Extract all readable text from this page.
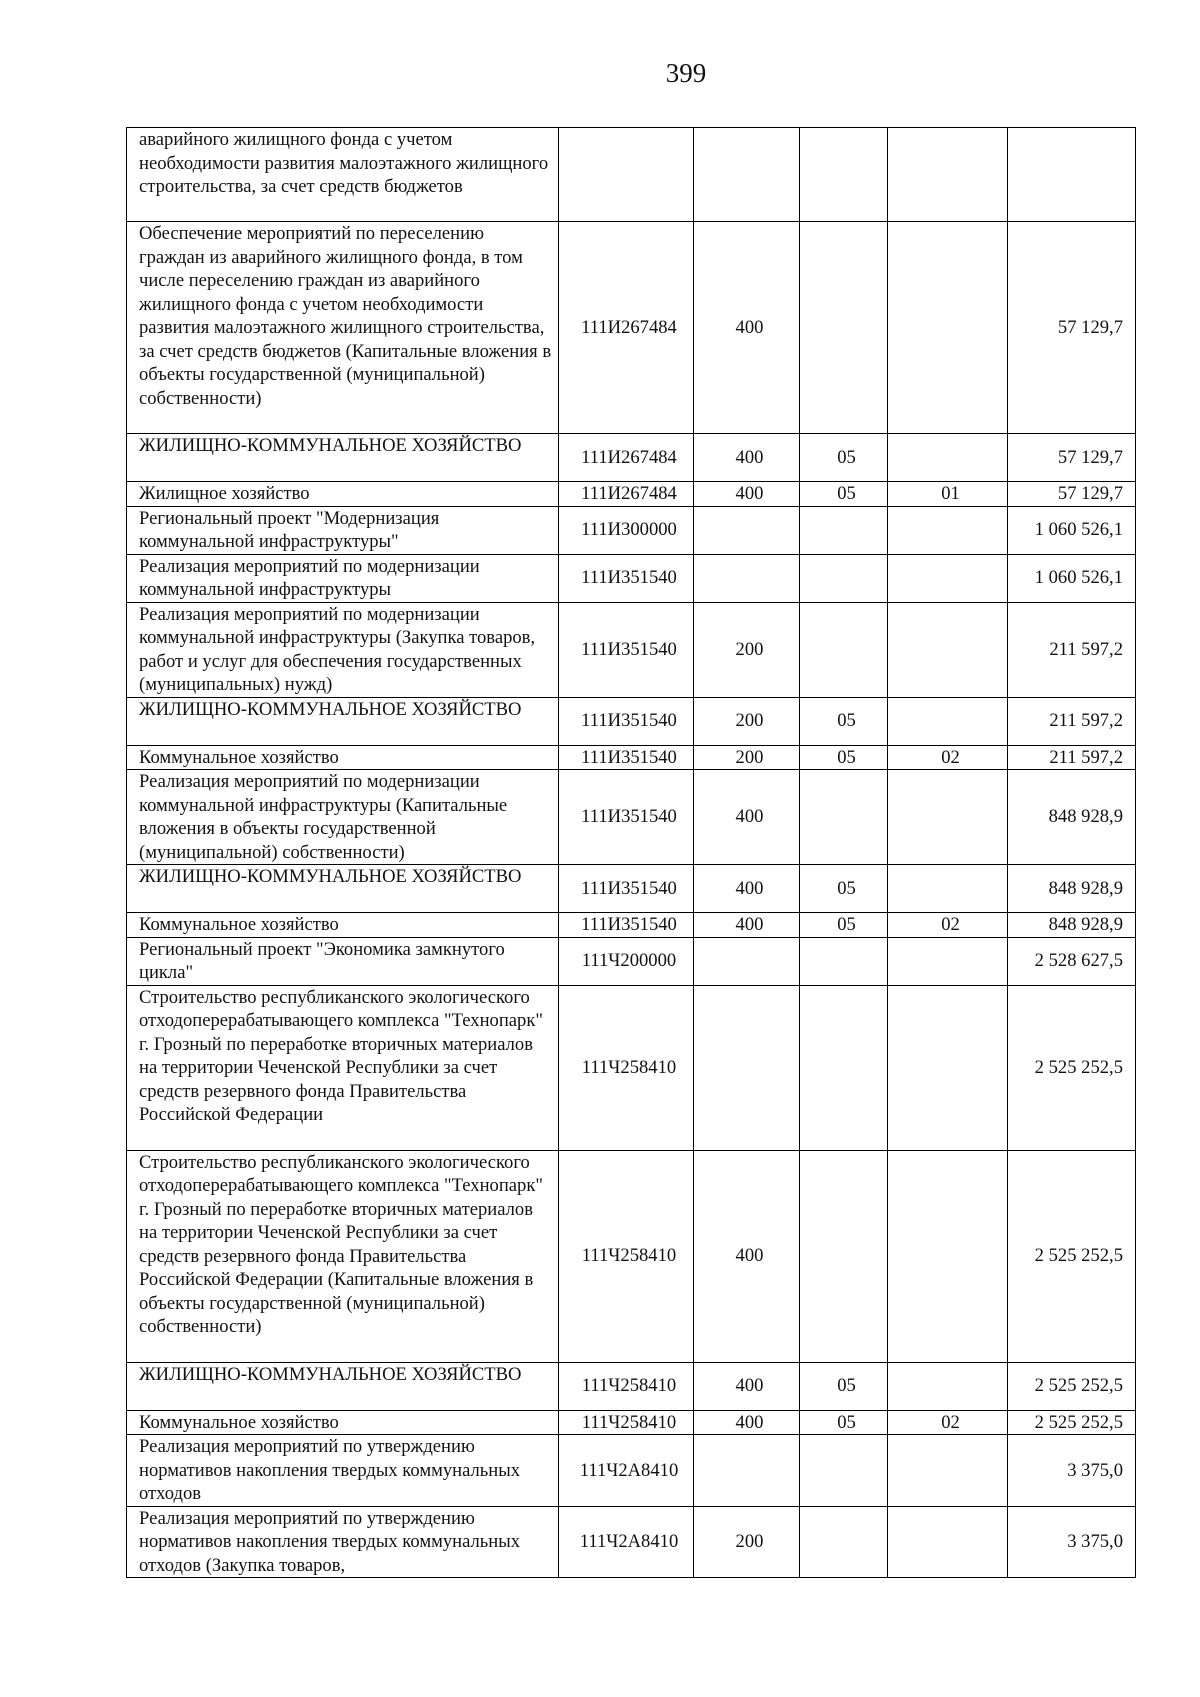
399
аварийного жилищного фонда с учетом необходимости развития малоэтажного жилищного строительства, за счет средств бюджетов					
Обеспечение мероприятий по переселению граждан из аварийного жилищного фонда, в том числе переселению граждан из аварийного жилищного фонда с учетом необходимости развития малоэтажного жилищного строительства, за счет средств бюджетов (Капитальные вложения в объекты государственной (муниципальной) собственности)	111И267484	400			57 129,7
ЖИЛИЩНО-КОММУНАЛЬНОЕ ХОЗЯЙСТВО	111И267484	400	05		57 129,7
Жилищное хозяйство	111И267484	400	05	01	57 129,7
Региональный проект "Модернизация коммунальной инфраструктуры"	111И300000				1 060 526,1
Реализация мероприятий по модернизации коммунальной инфраструктуры	111И351540				1 060 526,1
Реализация мероприятий по модернизации коммунальной инфраструктуры (Закупка товаров, работ и услуг для обеспечения государственных (муниципальных) нужд)	111И351540	200			211 597,2
ЖИЛИЩНО-КОММУНАЛЬНОЕ ХОЗЯЙСТВО	111И351540	200	05		211 597,2
Коммунальное хозяйство	111И351540	200	05	02	211 597,2
Реализация мероприятий по модернизации коммунальной инфраструктуры (Капитальные вложения в объекты государственной (муниципальной) собственности)	111И351540	400			848 928,9
ЖИЛИЩНО-КОММУНАЛЬНОЕ ХОЗЯЙСТВО	111И351540	400	05		848 928,9
Коммунальное хозяйство	111И351540	400	05	02	848 928,9
Региональный проект "Экономика замкнутого цикла"	111Ч200000				2 528 627,5
Строительство республиканского экологического отходоперерабатывающего комплекса "Технопарк" г. Грозный по переработке вторичных материалов на территории Чеченской Республики за счет средств резервного фонда Правительства Российской Федерации	111Ч258410				2 525 252,5
Строительство республиканского экологического отходоперерабатывающего комплекса "Технопарк" г. Грозный по переработке вторичных материалов на территории Чеченской Республики за счет средств резервного фонда Правительства Российской Федерации (Капитальные вложения в объекты государственной (муниципальной) собственности)	111Ч258410	400			2 525 252,5
ЖИЛИЩНО-КОММУНАЛЬНОЕ ХОЗЯЙСТВО	111Ч258410	400	05		2 525 252,5
Коммунальное хозяйство	111Ч258410	400	05	02	2 525 252,5
Реализация мероприятий по утверждению нормативов накопления твердых коммунальных отходов	111Ч2А8410				3 375,0
Реализация мероприятий по утверждению нормативов накопления твердых коммунальных отходов (Закупка товаров,	111Ч2А8410	200			3 375,0
